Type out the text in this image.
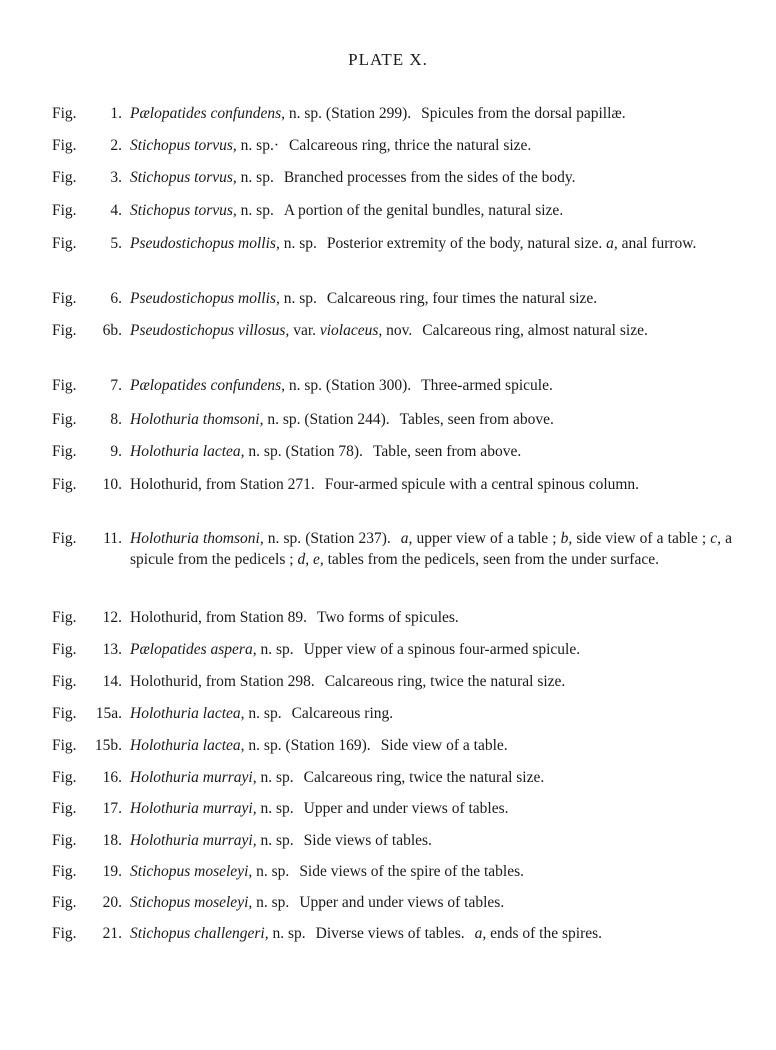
PLATE X.
Fig.	1. Pælopatides confundens, n. sp. (Station 299). Spicules from the dorsal papillæ.
Fig.	2. Stichopus torvus, n. sp.· Calcareous ring, thrice the natural size.
Fig.	3. Stichopus torvus, n. sp. Branched processes from the sides of the body.
Fig.	4. Stichopus torvus, n. sp. A portion of the genital bundles, natural size.
Fig.	5. Pseudostichopus mollis, n. sp. Posterior extremity of the body, natural size. a, anal furrow.
Fig.	6. Pseudostichopus mollis, n. sp. Calcareous ring, four times the natural size.
Fig.	6b. Pseudostichopus villosus, var. violaceus, nov. Calcareous ring, almost natural size.
Fig.	7. Pælopatides confundens, n. sp. (Station 300). Three-armed spicule.
Fig.	8. Holothuria thomsoni, n. sp. (Station 244). Tables, seen from above.
Fig.	9. Holothuria lactea, n. sp. (Station 78). Table, seen from above.
Fig.	10. Holothurid, from Station 271. Four-armed spicule with a central spinous column.
Fig.	11. Holothuria thomsoni, n. sp. (Station 237). a, upper view of a table ; b, side view of a table ; c, a spicule from the pedicels ; d, e, tables from the pedicels, seen from the under surface.
Fig.	12. Holothurid, from Station 89. Two forms of spicules.
Fig.	13. Pælopatides aspera, n. sp. Upper view of a spinous four-armed spicule.
Fig.	14. Holothurid, from Station 298. Calcareous ring, twice the natural size.
Fig.	15a. Holothuria lactea, n. sp. Calcareous ring.
Fig.	15b. Holothuria lactea, n. sp. (Station 169). Side view of a table.
Fig.	16. Holothuria murrayi, n. sp. Calcareous ring, twice the natural size.
Fig.	17. Holothuria murrayi, n. sp. Upper and under views of tables.
Fig.	18. Holothuria murrayi, n. sp. Side views of tables.
Fig.	19. Stichopus moseleyi, n. sp. Side views of the spire of the tables.
Fig.	20. Stichopus moseleyi, n. sp. Upper and under views of tables.
Fig.	21. Stichopus challengeri, n. sp. Diverse views of tables. a, ends of the spires.
